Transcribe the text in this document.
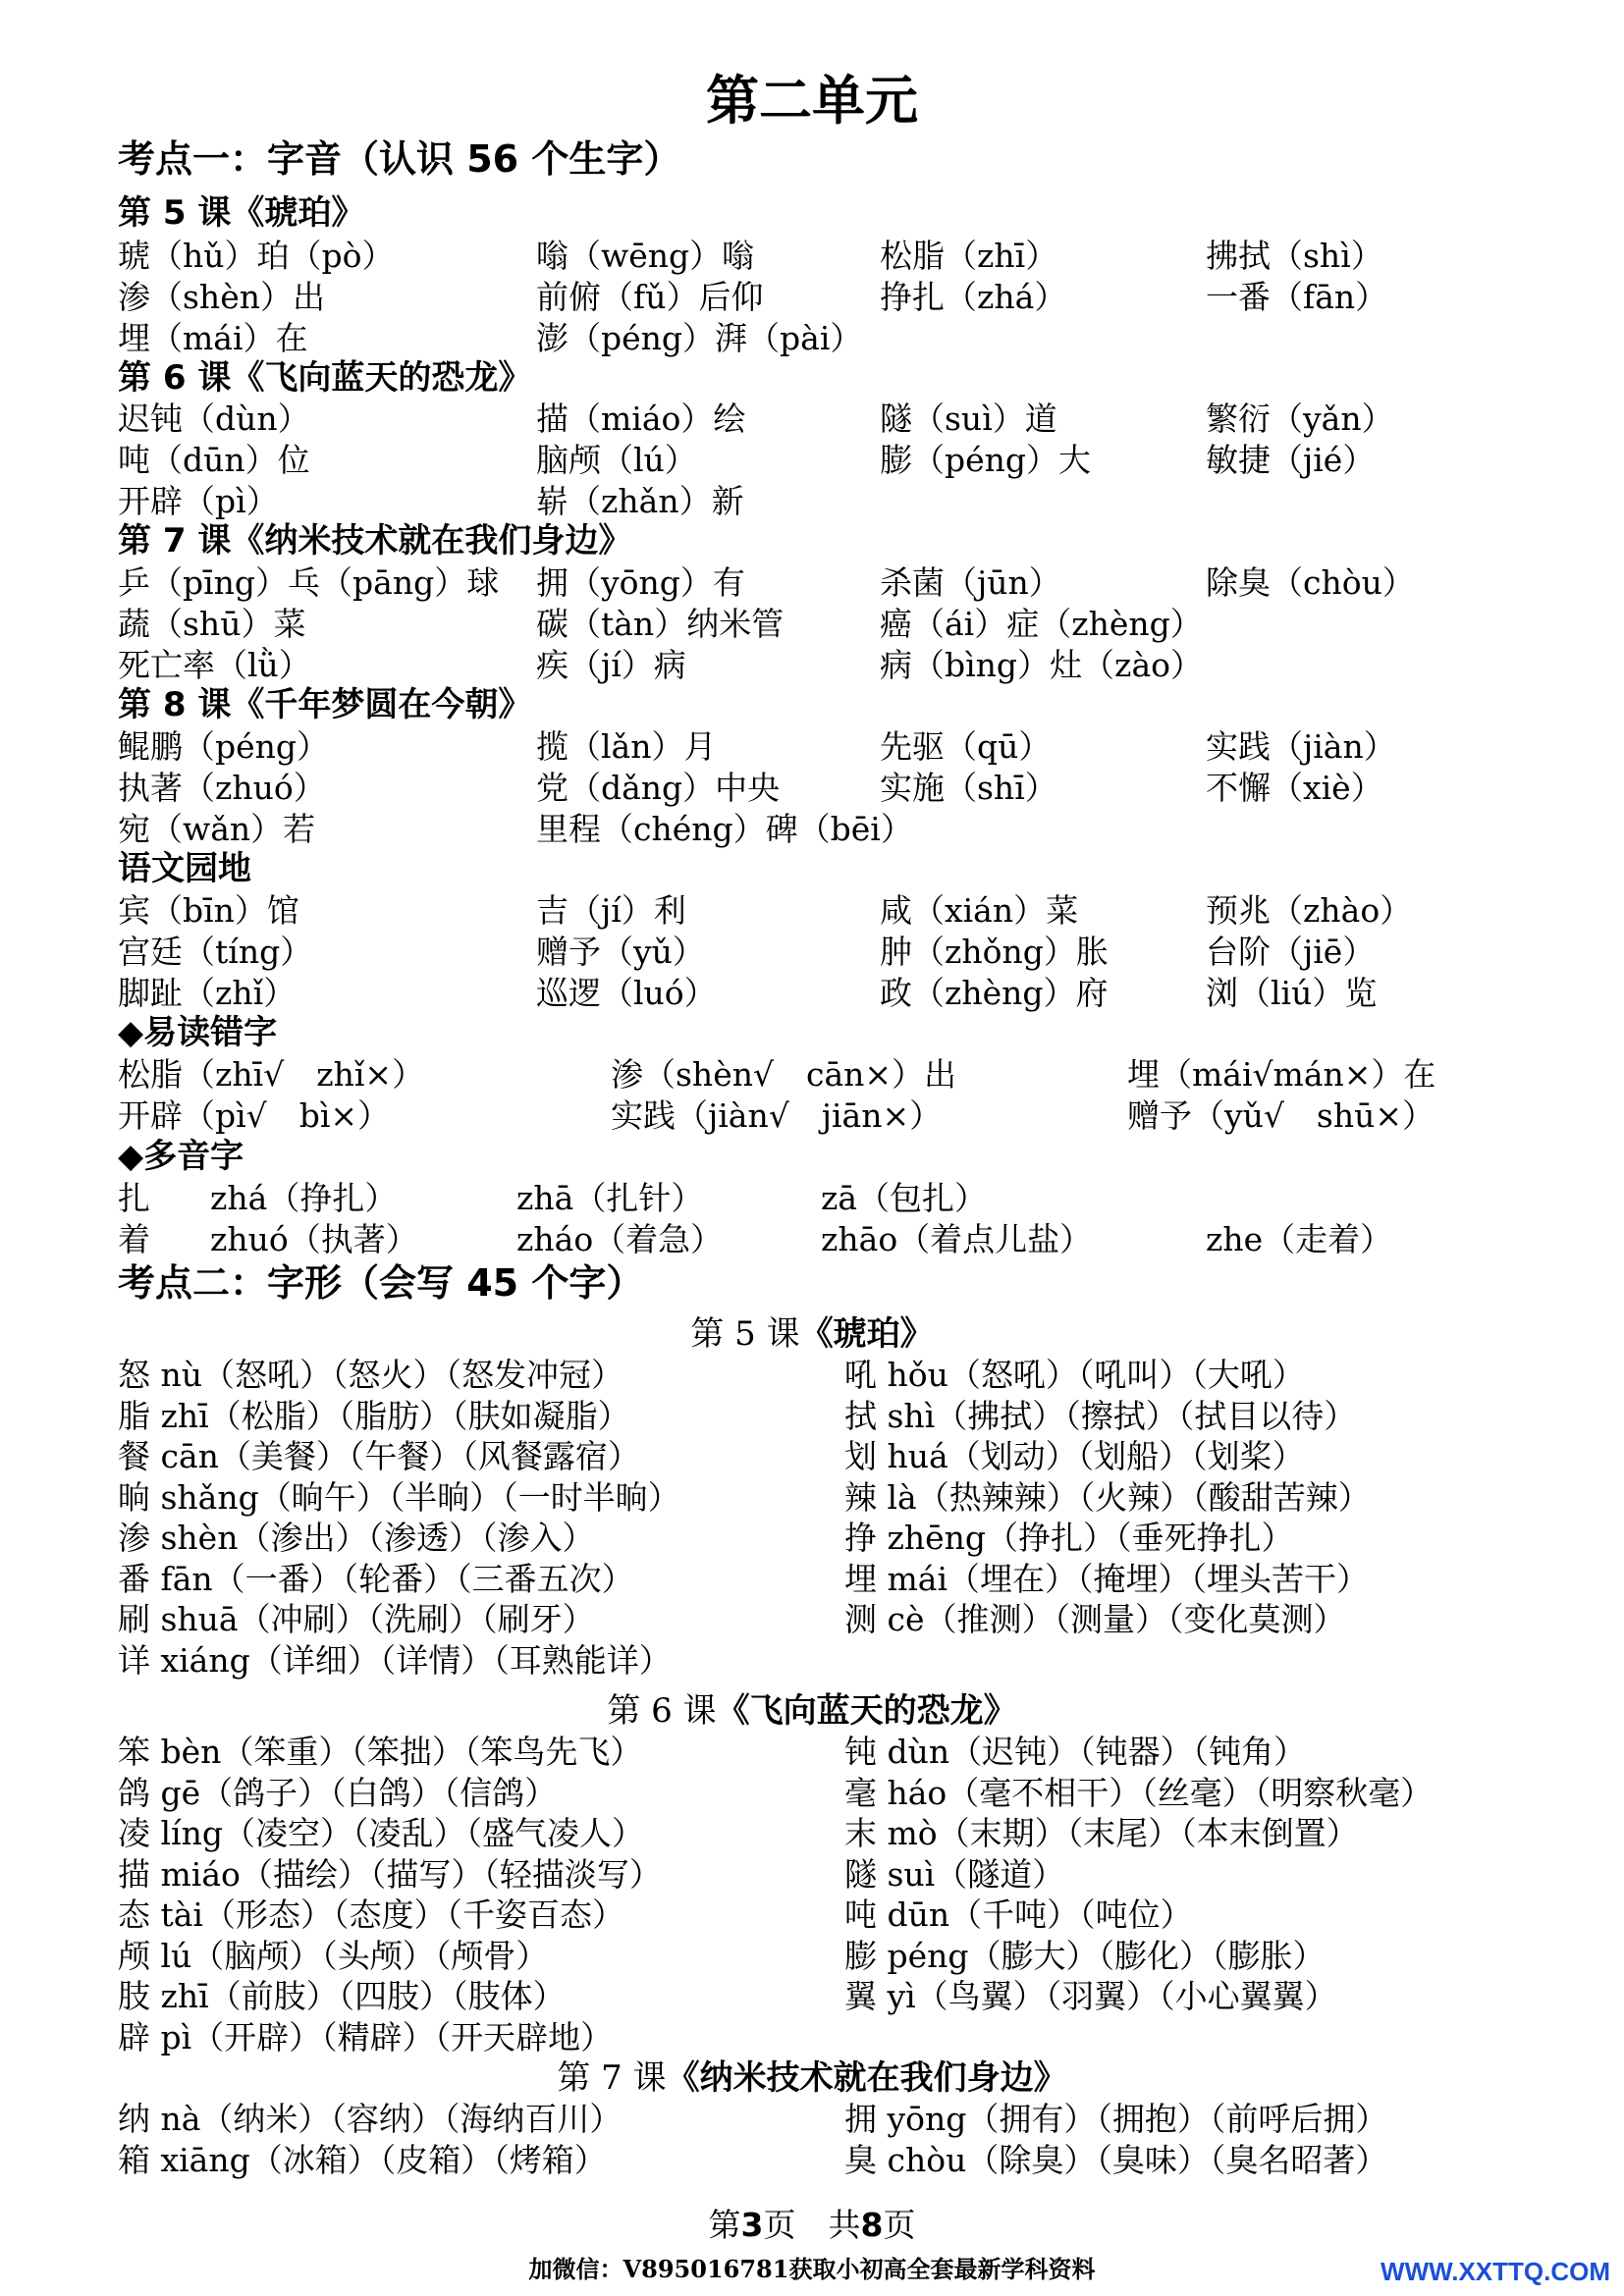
第二单元
考点一：字音（认识 56 个生字）
第 5 课《琥珀》
琥（hǔ）珀（pò）	嗡（wēng）嗡	松脂（zhī）	拂拭（shì）
渗（shèn）出	前俯（fǔ）后仰	挣扎（zhá）	一番（fān）
埋（mái）在	澎（péng）湃（pài）
第 6 课《飞向蓝天的恐龙》
迟钝（dùn）	描（miáo）绘	隧（suì）道	繁衍（yǎn）
吨（dūn）位	脑颅（lú）	膨（péng）大	敏捷（jié）
开辟（pì）	崭（zhǎn）新
第 7 课《纳米技术就在我们身边》
乒（pīng）乓（pāng）球 拥（yōng）有	杀菌（jūn）	除臭（chòu）
蔬（shū）菜	碳（tàn）纳米管	癌（ái）症（zhèng）
死亡率（lǜ）	疾（jí）病	病（bìng）灶（zào）
第 8 课《千年梦圆在今朝》
鲲鹏（péng）	揽（lǎn）月	先驱（qū）	实践（jiàn）
执著（zhuó）	党（dǎng）中央	实施（shī）	不懈（xiè）
宛（wǎn）若	里程（chéng）碑（bēi）
语文园地
宾（bīn）馆	吉（jí）利	咸（xián）菜	预兆（zhào）
宫廷（tíng）	赠予（yǔ）	肿（zhǒng）胀	台阶（jiē）
脚趾（zhǐ）	巡逻（luó）	政（zhèng）府	浏（liú）览
◆易读错字
松脂（zhī√　zhǐ×）	渗（shèn√　cān×）出	埋（mái√mán×）在
开辟（pì√　bì×）	实践（jiàn√　jiān×）	赠予（yǔ√　shū×）
◆多音字
扎 zhá（挣扎）	zhā（扎针）	zā（包扎）
着 zhuó（执著）	zháo（着急）	zhāo（着点儿盐）	zhe（走着）
考点二：字形（会写 45 个字）
第 5 课《琥珀》
怒 nù（怒吼）（怒火）（怒发冲冠）	吼 hǒu（怒吼）（吼叫）（大吼）
脂 zhī（松脂）（脂肪）（肤如凝脂）	拭 shì（拂拭）（擦拭）（拭目以待）
餐 cān（美餐）（午餐）（风餐露宿）	划 huá（划动）（划船）（划桨）
晌 shǎng（晌午）（半晌）（一时半晌）	辣 là（热辣辣）（火辣）（酸甜苦辣）
渗 shèn（渗出）（渗透）（渗入）	挣 zhēng（挣扎）（垂死挣扎）
番 fān（一番）（轮番）（三番五次）	埋 mái（埋在）（掩埋）（埋头苦干）
刷 shuā（冲刷）（洗刷）（刷牙）	测 cè（推测）（测量）（变化莫测）
详 xiáng（详细）（详情）（耳熟能详）
第 6 课《飞向蓝天的恐龙》
笨 bèn（笨重）（笨拙）（笨鸟先飞）	钝 dùn（迟钝）（钝器）（钝角）
鸽 gē（鸽子）（白鸽）（信鸽）	毫 háo（毫不相干）（丝毫）（明察秋毫）
凌 líng（凌空）（凌乱）（盛气凌人）	末 mò（末期）（末尾）（本末倒置）
描 miáo（描绘）（描写）（轻描淡写）	隧 suì（隧道）
态 tài（形态）（态度）（千姿百态）	吨 dūn（千吨）（吨位）
颅 lú（脑颅）（头颅）（颅骨）	膨 péng（膨大）（膨化）（膨胀）
肢 zhī（前肢）（四肢）（肢体）	翼 yì（鸟翼）（羽翼）（小心翼翼）
辟 pì（开辟）（精辟）（开天辟地）
第 7 课《纳米技术就在我们身边》
纳 nà（纳米）（容纳）（海纳百川）	拥 yōng（拥有）（拥抱）（前呼后拥）
箱 xiāng（冰箱）（皮箱）（烤箱）	臭 chòu（除臭）（臭味）（臭名昭著）
第3页　共8页
加微信：V895016781获取小初高全套最新学科资料	WWW.XXTTQ.COM
